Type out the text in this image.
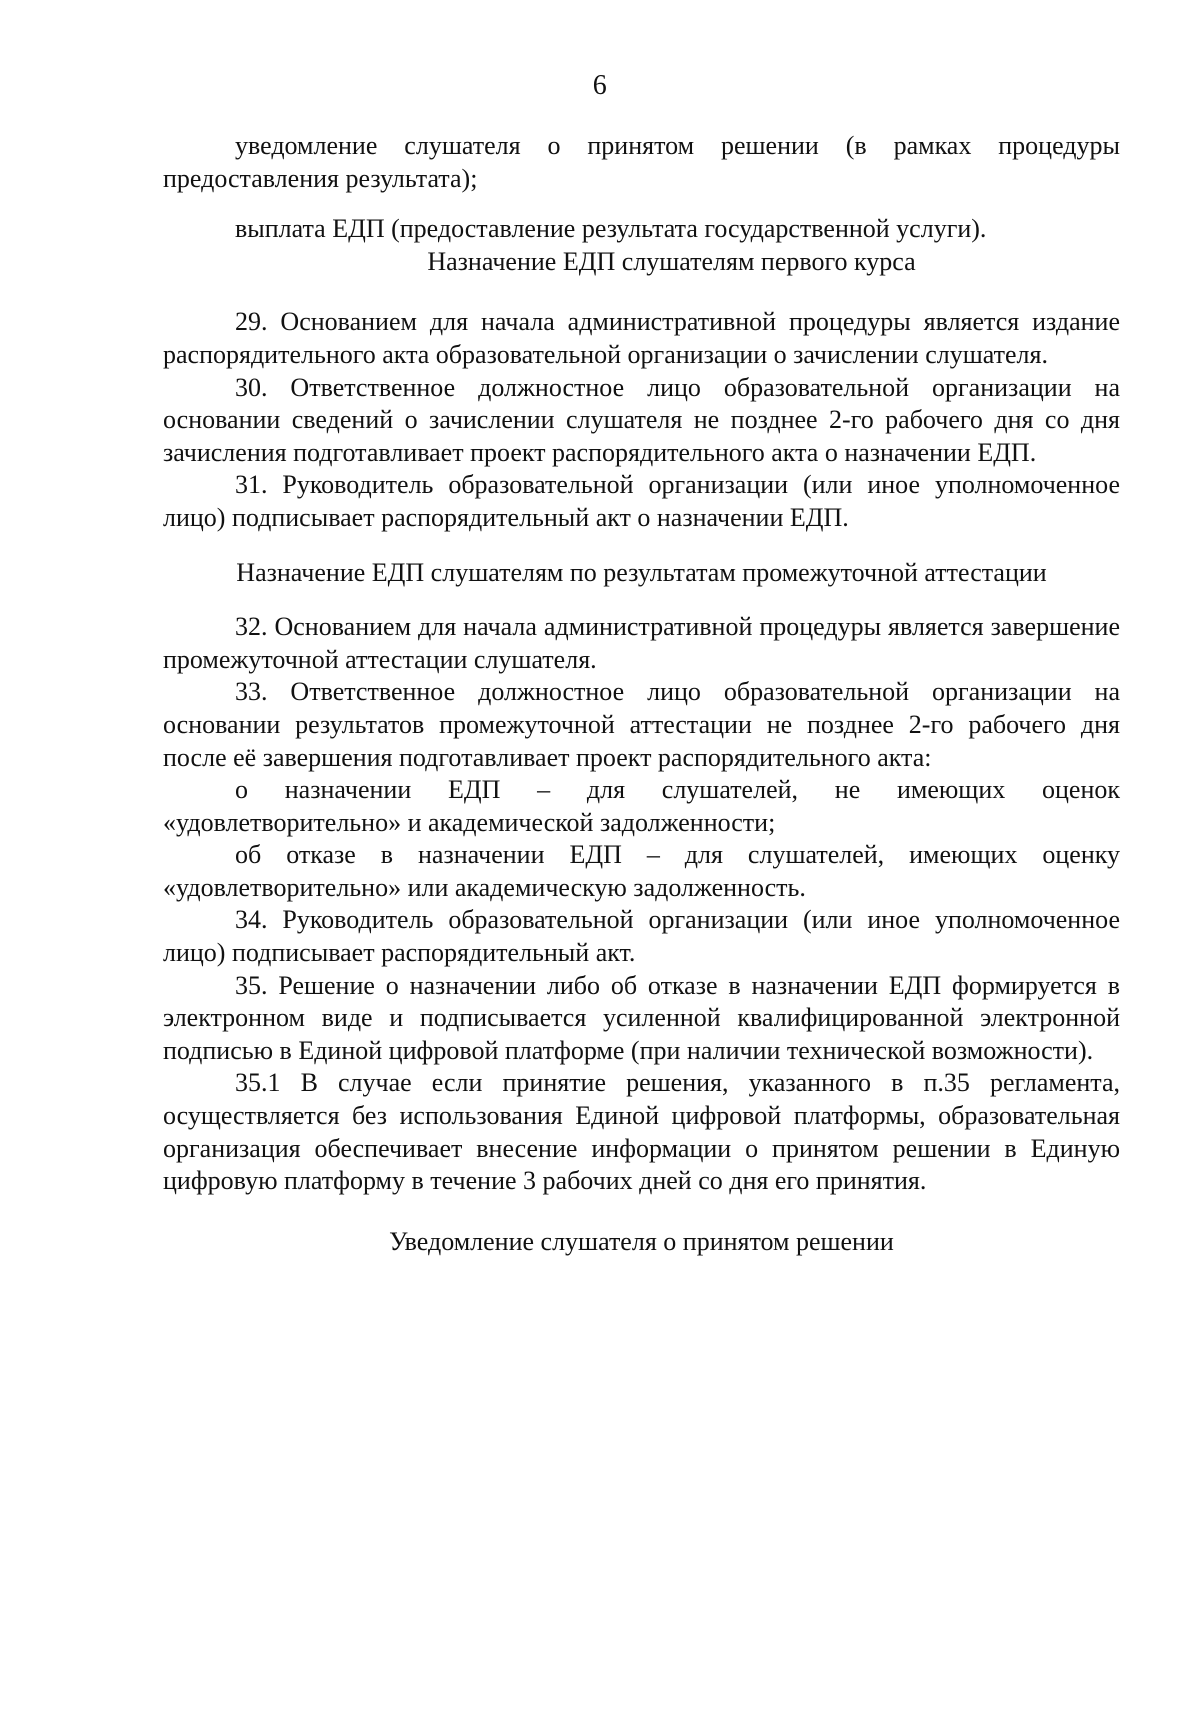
6

уведомление слушателя о принятом решении (в рамках процедуры предоставления результата);

выплата ЕДП (предоставление результата государственной услуги).

Назначение ЕДП слушателям первого курса

29. Основанием для начала административной процедуры является издание распорядительного акта образовательной организации о зачислении слушателя.

30. Ответственное должностное лицо образовательной организации на основании сведений о зачислении слушателя не позднее 2-го рабочего дня со дня зачисления подготавливает проект распорядительного акта о назначении ЕДП.

31. Руководитель образовательной организации (или иное уполномоченное лицо) подписывает распорядительный акт о назначении ЕДП.

Назначение ЕДП слушателям по результатам промежуточной аттестации

32. Основанием для начала административной процедуры является завершение промежуточной аттестации слушателя.

33. Ответственное должностное лицо образовательной организации на основании результатов промежуточной аттестации не позднее 2-го рабочего дня после её завершения подготавливает проект распорядительного акта:

о назначении ЕДП – для слушателей, не имеющих оценок «удовлетворительно» и академической задолженности;

об отказе в назначении ЕДП – для слушателей, имеющих оценку «удовлетворительно» или академическую задолженность.

34. Руководитель образовательной организации (или иное уполномоченное лицо) подписывает распорядительный акт.

35. Решение о назначении либо об отказе в назначении ЕДП формируется в электронном виде и подписывается усиленной квалифицированной электронной подписью в Единой цифровой платформе (при наличии технической возможности).

35.1 В случае если принятие решения, указанного в п.35 регламента, осуществляется без использования Единой цифровой платформы, образовательная организация обеспечивает внесение информации о принятом решении в Единую цифровую платформу в течение 3 рабочих дней со дня его принятия.

Уведомление слушателя о принятом решении
